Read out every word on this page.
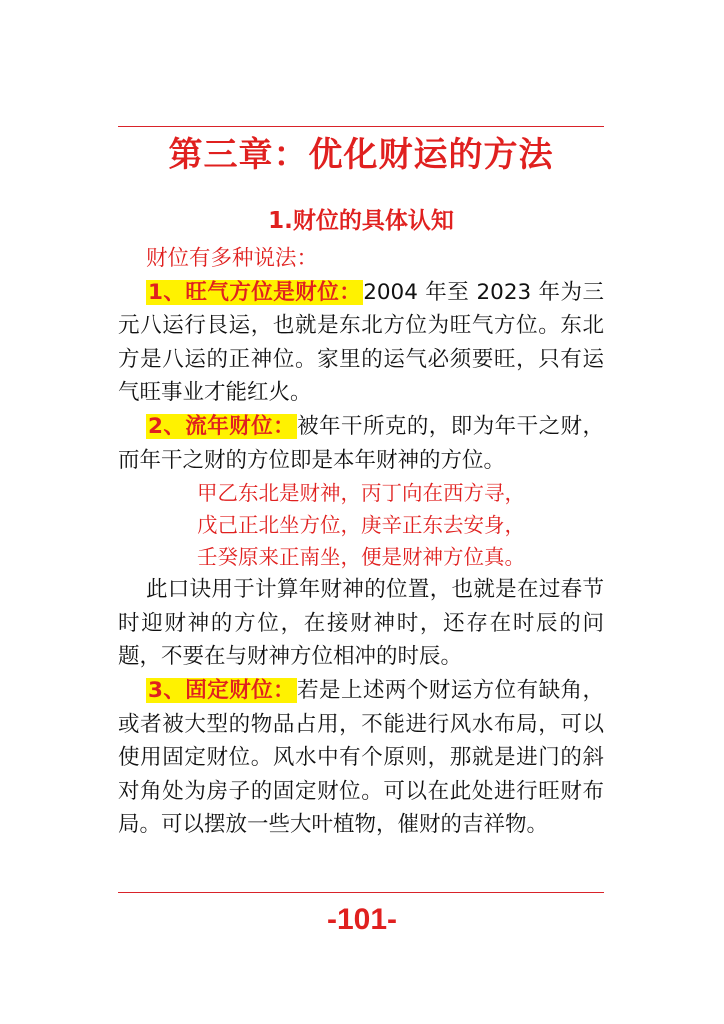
第三章：优化财运的方法
1.财位的具体认知

财位有多种说法：

1、旺气方位是财位：2004 年至 2023 年为三元八运行艮运，也就是东北方位为旺气方位。东北方是八运的正神位。家里的运气必须要旺，只有运气旺事业才能红火。

2、流年财位：被年干所克的，即为年干之财，而年干之财的方位即是本年财神的方位。

甲乙东北是财神，丙丁向在西方寻，

戊己正北坐方位，庚辛正东去安身，

壬癸原来正南坐，便是财神方位真。

此口诀用于计算年财神的位置，也就是在过春节时迎财神的方位，在接财神时，还存在时辰的问题，不要在与财神方位相冲的时辰。

3、固定财位：若是上述两个财运方位有缺角，或者被大型的物品占用，不能进行风水布局，可以使用固定财位。风水中有个原则，那就是进门的斜对角处为房子的固定财位。可以在此处进行旺财布局。可以摆放一些大叶植物，催财的吉祥物。

-101-
